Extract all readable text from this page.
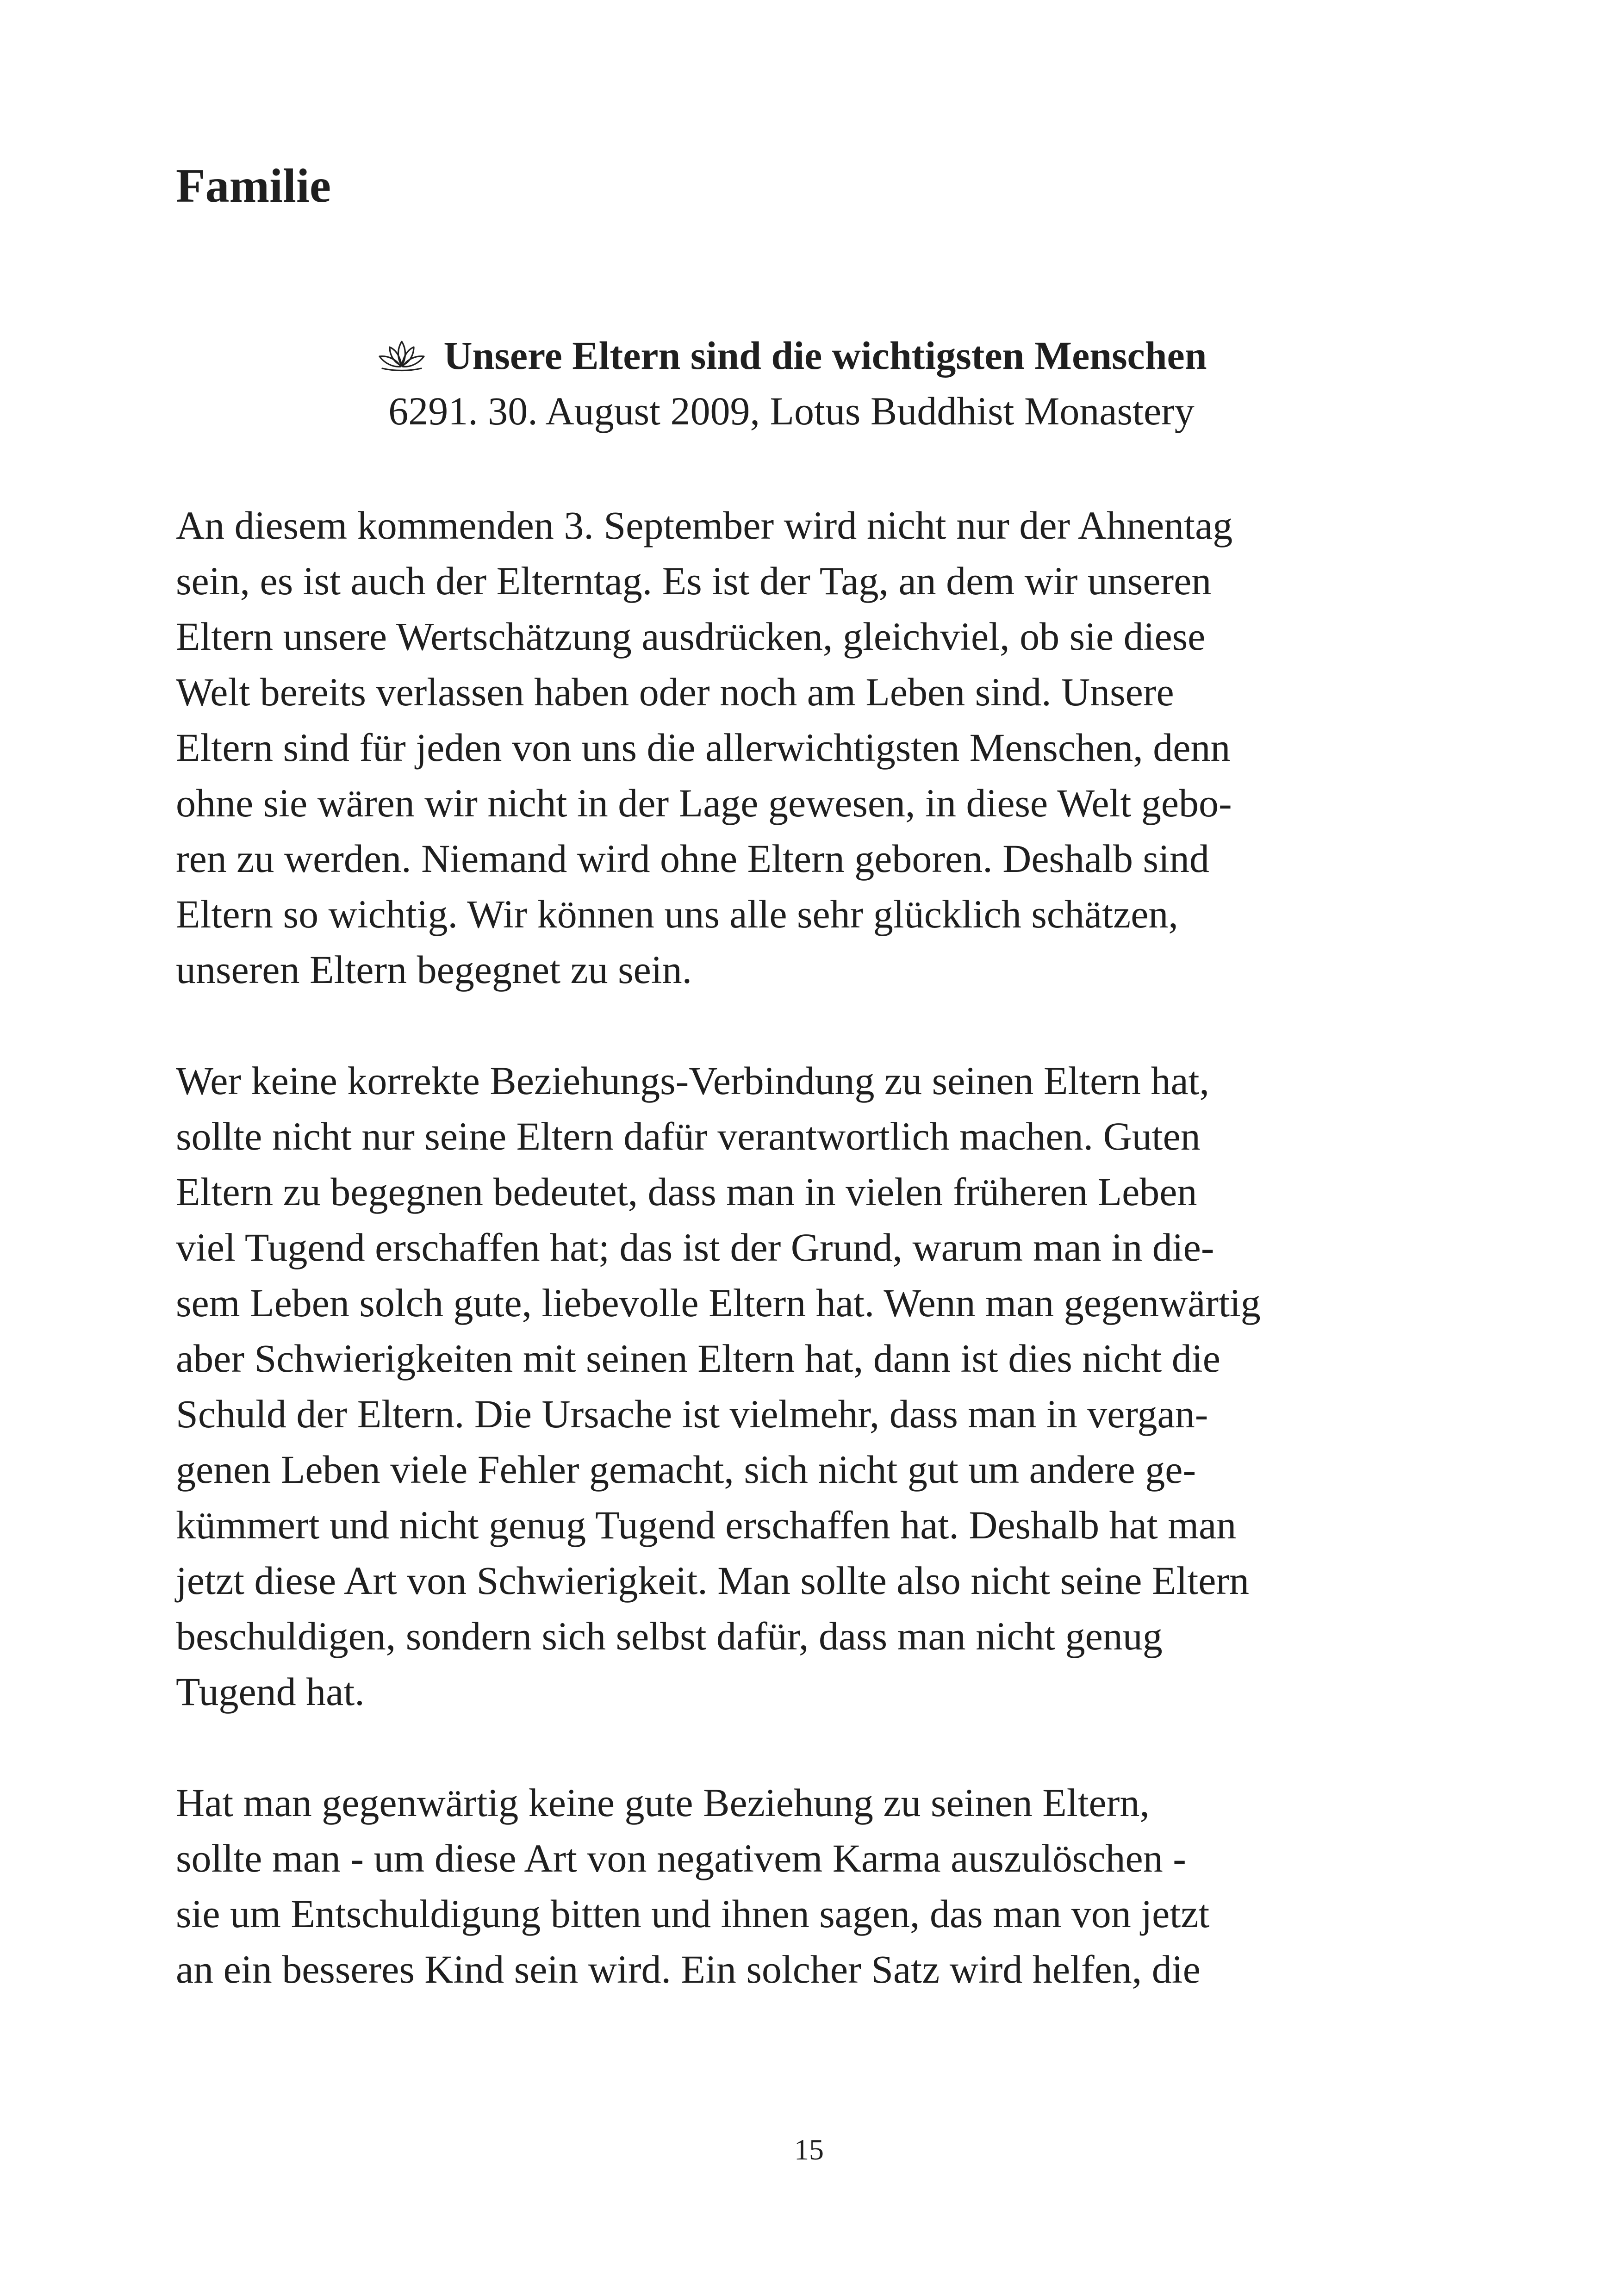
Familie
Unsere Eltern sind die wichtigsten Menschen
6291. 30. August 2009, Lotus Buddhist Monastery
An diesem kommenden 3. September wird nicht nur der Ahnentag
sein, es ist auch der Elterntag. Es ist der Tag, an dem wir unseren
Eltern unsere Wertschätzung ausdrücken, gleichviel, ob sie diese
Welt bereits verlassen haben oder noch am Leben sind. Unsere
Eltern sind für jeden von uns die allerwichtigsten Menschen, denn
ohne sie wären wir nicht in der Lage gewesen, in diese Welt gebo-
ren zu werden. Niemand wird ohne Eltern geboren. Deshalb sind
Eltern so wichtig. Wir können uns alle sehr glücklich schätzen,
unseren Eltern begegnet zu sein.
Wer keine korrekte Beziehungs-Verbindung zu seinen Eltern hat,
sollte nicht nur seine Eltern dafür verantwortlich machen. Guten
Eltern zu begegnen bedeutet, dass man in vielen früheren Leben
viel Tugend erschaffen hat; das ist der Grund, warum man in die-
sem Leben solch gute, liebevolle Eltern hat. Wenn man gegenwärtig
aber Schwierigkeiten mit seinen Eltern hat, dann ist dies nicht die
Schuld der Eltern. Die Ursache ist vielmehr, dass man in vergan-
genen Leben viele Fehler gemacht, sich nicht gut um andere ge-
kümmert und nicht genug Tugend erschaffen hat. Deshalb hat man
jetzt diese Art von Schwierigkeit. Man sollte also nicht seine Eltern
beschuldigen, sondern sich selbst dafür, dass man nicht genug
Tugend hat.
Hat man gegenwärtig keine gute Beziehung zu seinen Eltern,
sollte man - um diese Art von negativem Karma auszulöschen -
sie um Entschuldigung bitten und ihnen sagen, das man von jetzt
an ein besseres Kind sein wird. Ein solcher Satz wird helfen, die
15
